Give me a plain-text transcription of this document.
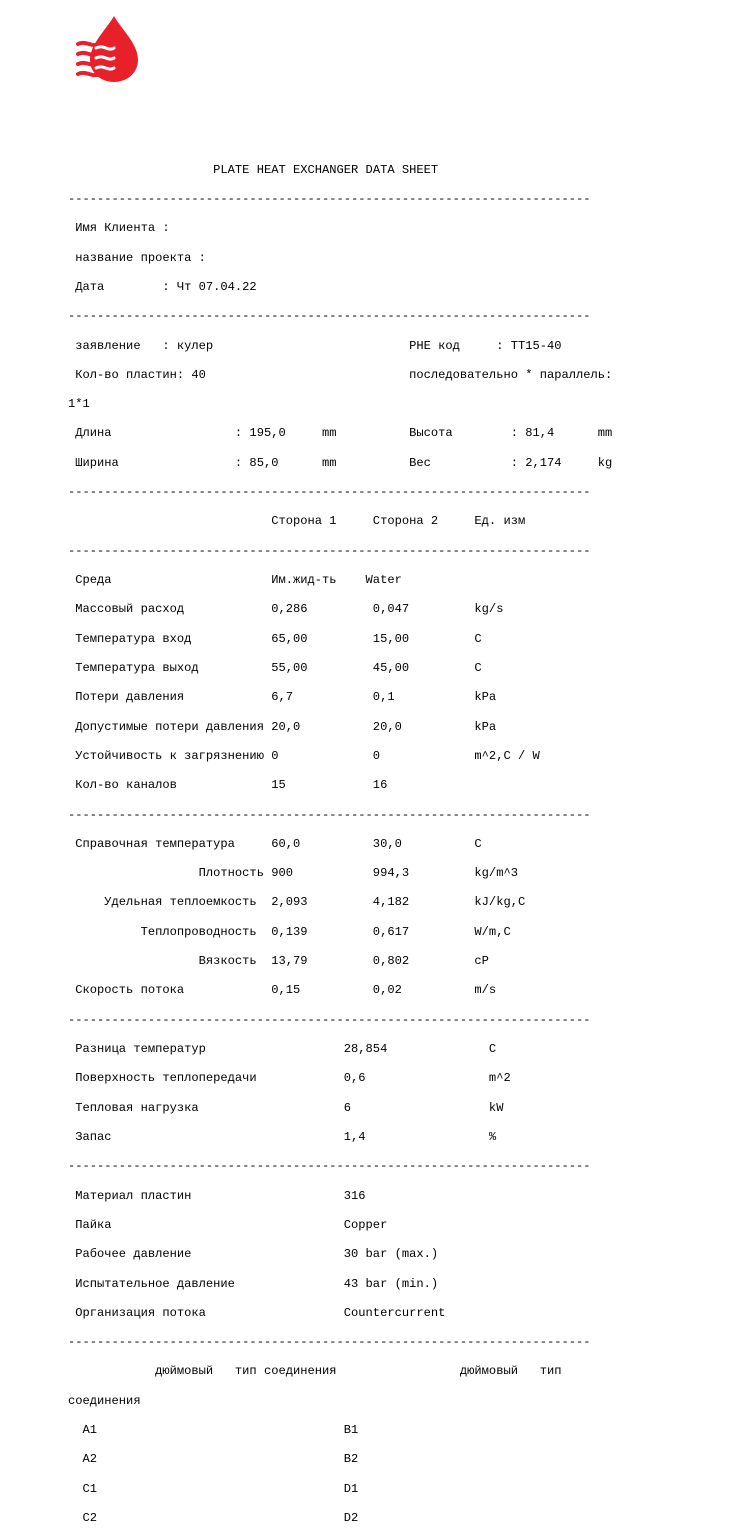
PLATE HEAT EXCHANGER DATA SHEET

------------------------------------------------------------------------

Имя Клиента :

название проекта :

Дата        : Чт 07.04.22

------------------------------------------------------------------------

заявление   : кулер                           PHE код     : TT15-40

Кол-во пластин: 40                            последовательно * параллель:

1*1

Длина                 : 195,0     mm          Высота        : 81,4      mm

Ширина                : 85,0      mm          Вес           : 2,174     kg

------------------------------------------------------------------------

Сторона 1     Сторона 2     Ед. изм

------------------------------------------------------------------------

Среда                      Им.жид-ть    Water

Массовый расход            0,286         0,047         kg/s

Температура вход           65,00         15,00         C

Температура выход          55,00         45,00         C

Потери давления            6,7           0,1           kPa

Допустимые потери давления 20,0          20,0          kPa

Устойчивость к загрязнению 0             0             m^2,C / W

Кол-во каналов             15            16

------------------------------------------------------------------------

Справочная температура     60,0          30,0          C

Плотность 900           994,3         kg/m^3

Удельная теплоемкость  2,093         4,182         kJ/kg,C

Теплопроводность  0,139         0,617         W/m,C

Вязкость  13,79         0,802         cP

Скорость потока            0,15          0,02          m/s

------------------------------------------------------------------------

Разница температур                   28,854              C

Поверхность теплопередачи            0,6                 m^2

Тепловая нагрузка                    6                   kW

Запас                                1,4                 %

------------------------------------------------------------------------

Материал пластин                     316

Пайка                                Copper

Рабочее давление                     30 bar (max.)

Испытательное давление               43 bar (min.)

Организация потока                   Countercurrent

------------------------------------------------------------------------

дюймовый   тип соединения                 дюймовый   тип

соединения

A1                                  B1

A2                                  B2

C1                                  D1

C2                                  D2
